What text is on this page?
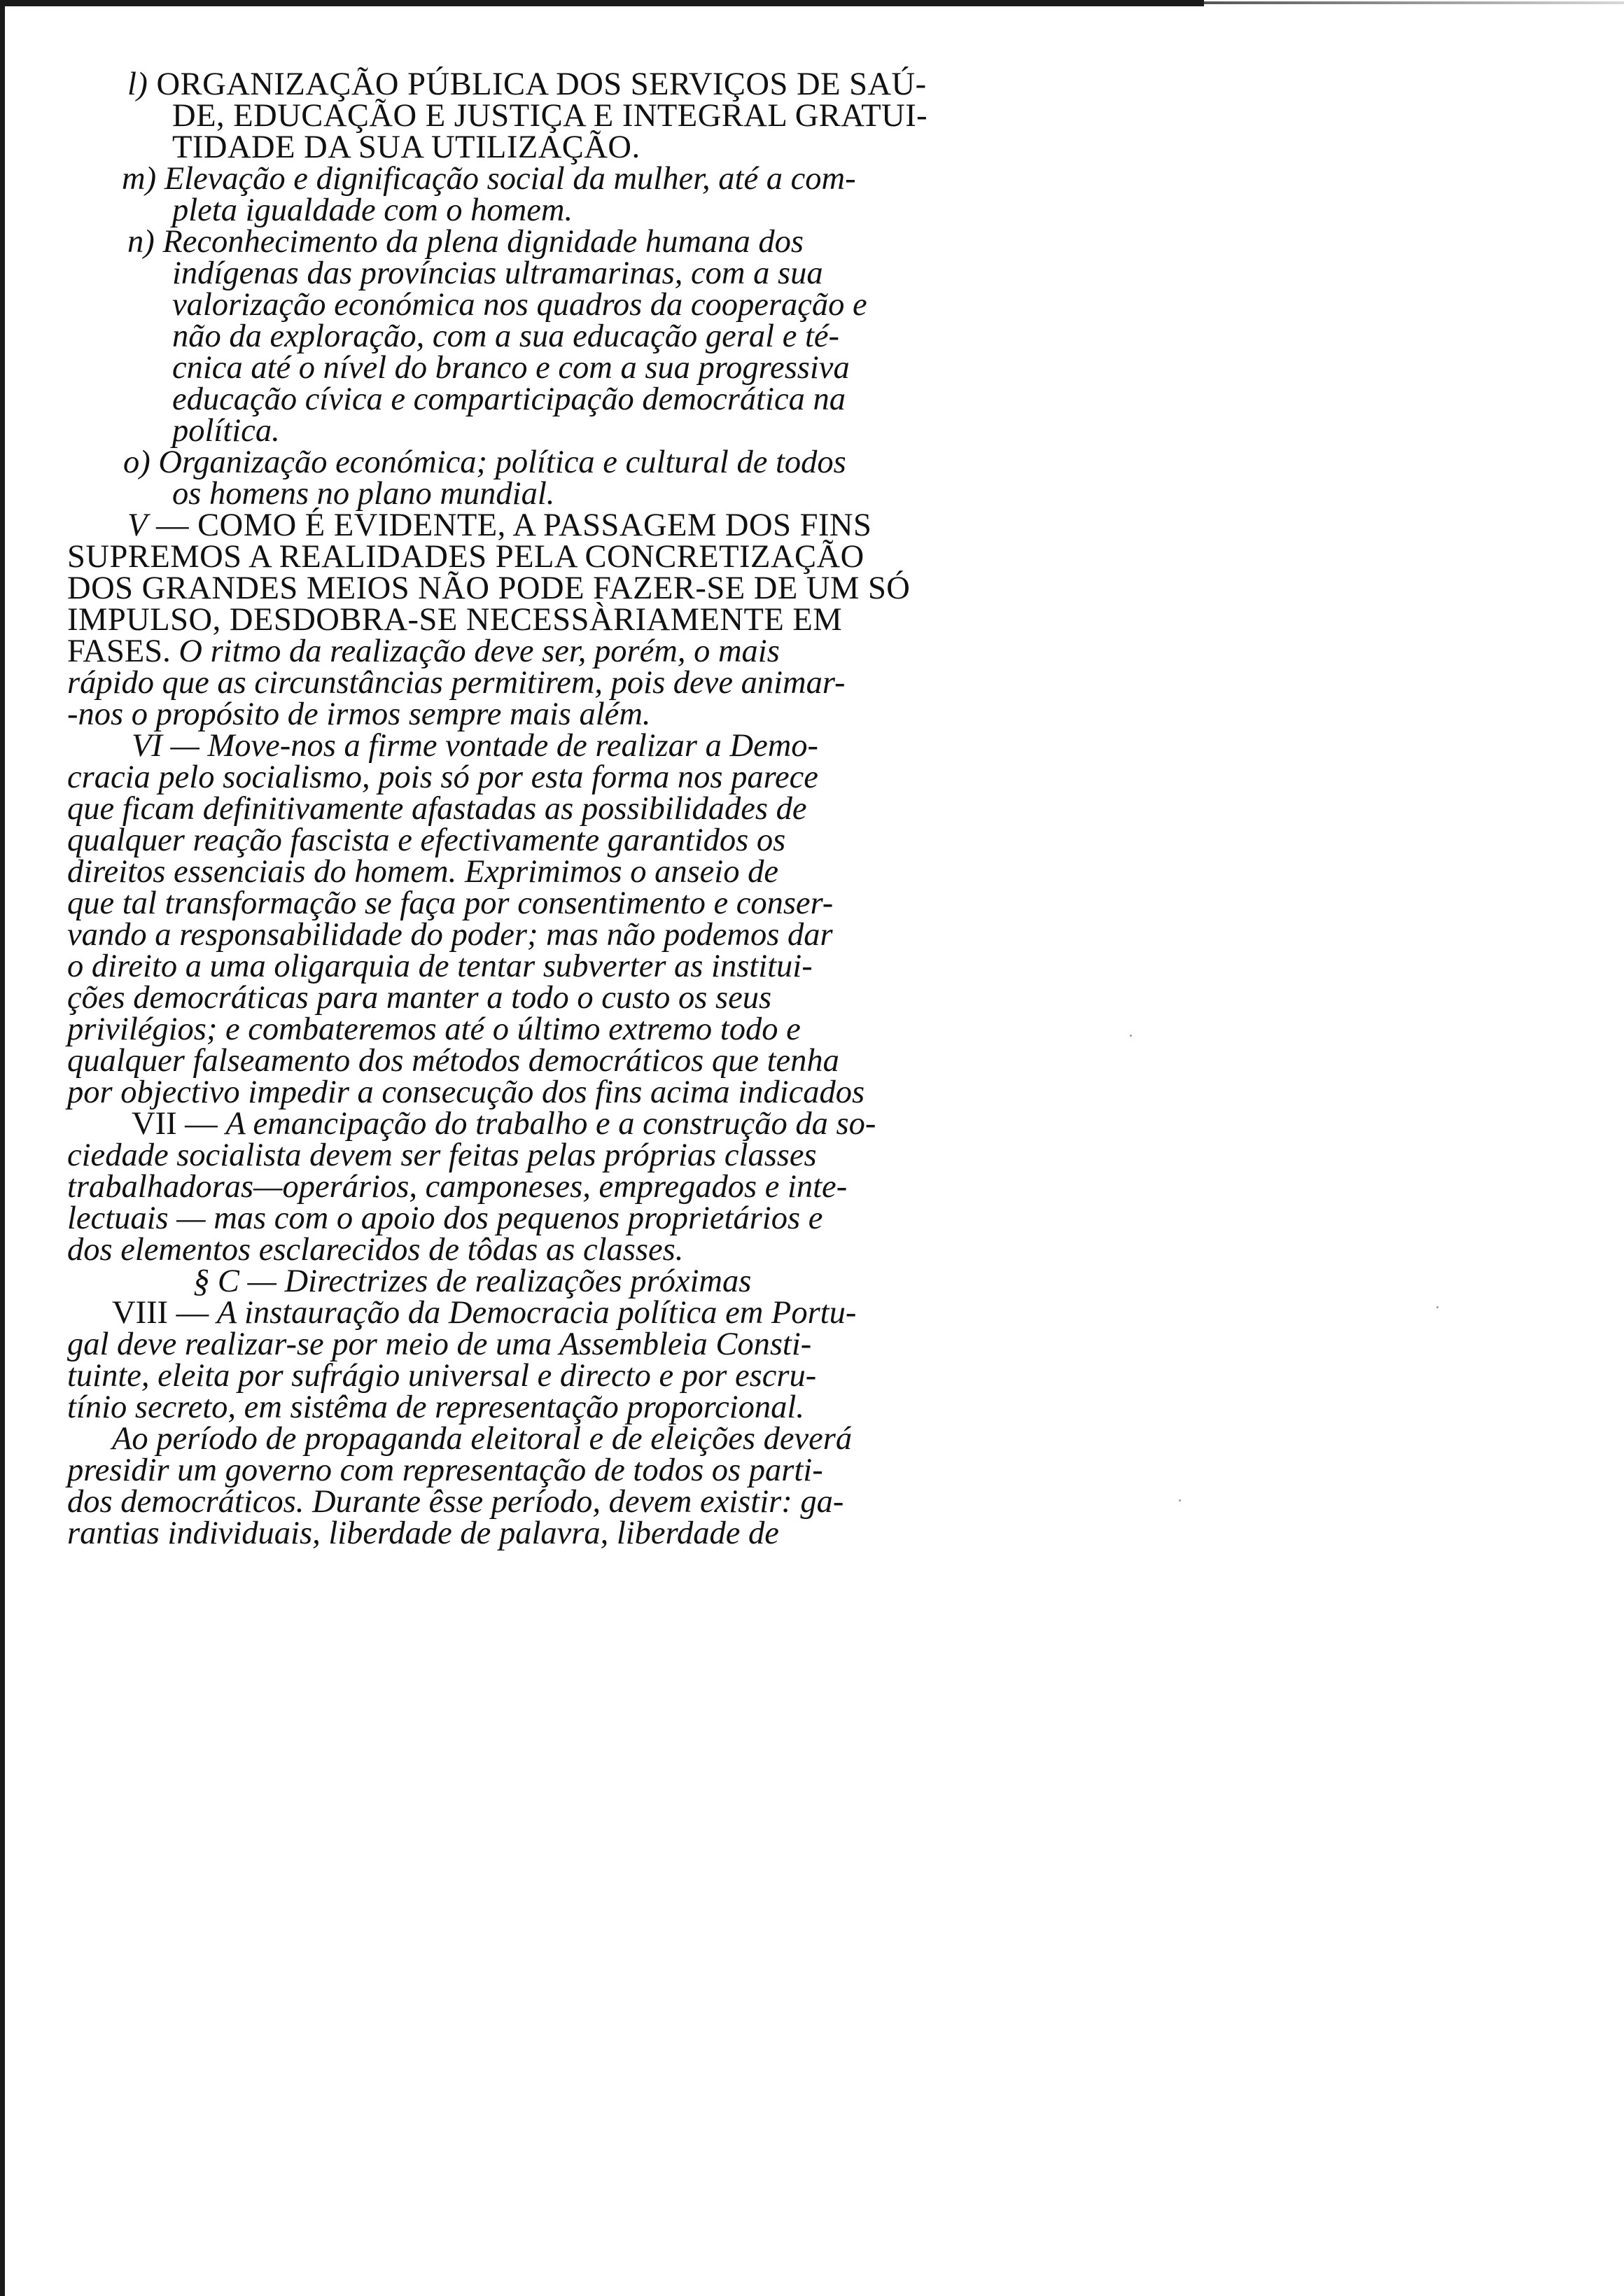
l) ORGANIZAÇÃO PÚBLICA DOS SERVIÇOS DE SAÚ-
DE, EDUCAÇÃO E JUSTIÇA E INTEGRAL GRATUI-
TIDADE DA SUA UTILIZAÇÃO.
m) Elevação e dignificação social da mulher, até a com-
pleta igualdade com o homem.
n) Reconhecimento da plena dignidade humana dos
indígenas das províncias ultramarinas, com a sua
valorização económica nos quadros da cooperação e
não da exploração, com a sua educação geral e té-
cnica até o nível do branco e com a sua progressiva
educação cívica e comparticipação democrática na
política.
o) Organização económica; política e cultural de todos
os homens no plano mundial.
V — COMO É EVIDENTE, A PASSAGEM DOS FINS
SUPREMOS A REALIDADES PELA CONCRETIZAÇÃO
DOS GRANDES MEIOS NÃO PODE FAZER-SE DE UM SÓ
IMPULSO, DESDOBRA-SE NECESSÀRIAMENTE EM
FASES. O ritmo da realização deve ser, porém, o mais
rápido que as circunstâncias permitirem, pois deve animar-
-nos o propósito de irmos sempre mais além.
VI — Move-nos a firme vontade de realizar a Demo-
cracia pelo socialismo, pois só por esta forma nos parece
que ficam definitivamente afastadas as possibilidades de
qualquer reação fascista e efectivamente garantidos os
direitos essenciais do homem. Exprimimos o anseio de
que tal transformação se faça por consentimento e conser-
vando a responsabilidade do poder; mas não podemos dar
o direito a uma oligarquia de tentar subverter as institui-
ções democráticas para manter a todo o custo os seus
privilégios; e combateremos até o último extremo todo e
qualquer falseamento dos métodos democráticos que tenha
por objectivo impedir a consecução dos fins acima indicados
VII — A emancipação do trabalho e a construção da so-
ciedade socialista devem ser feitas pelas próprias classes
trabalhadoras—operários, camponeses, empregados e inte-
lectuais — mas com o apoio dos pequenos proprietários e
dos elementos esclarecidos de tôdas as classes.
§ C — Directrizes de realizações próximas
VIII — A instauração da Democracia política em Portu-
gal deve realizar-se por meio de uma Assembleia Consti-
tuinte, eleita por sufrágio universal e directo e por escru-
tínio secreto, em sistêma de representação proporcional.
Ao período de propaganda eleitoral e de eleições deverá
presidir um governo com representação de todos os parti-
dos democráticos. Durante êsse período, devem existir: ga-
rantias individuais, liberdade de palavra, liberdade de
